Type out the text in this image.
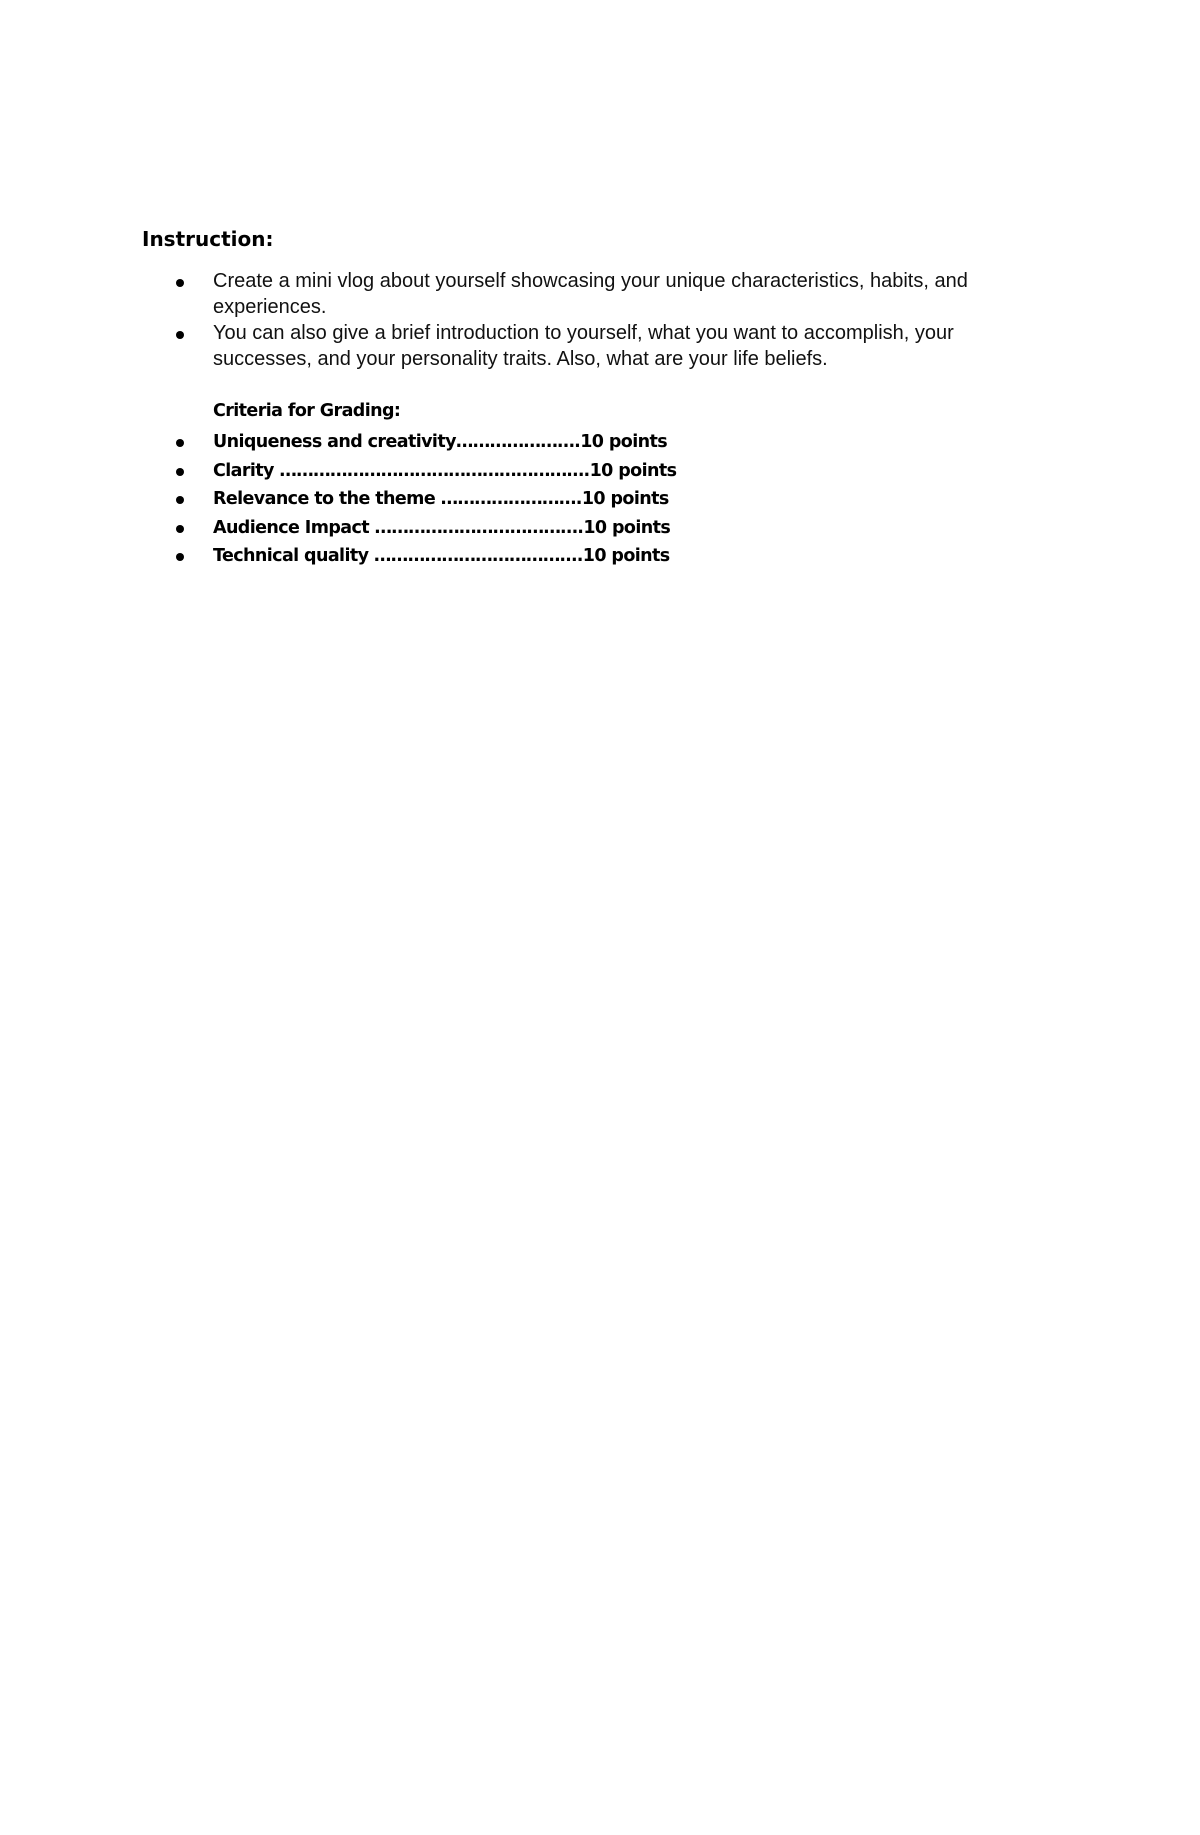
Instruction:

Create a mini vlog about yourself showcasing your unique characteristics, habits, and experiences.
You can also give a brief introduction to yourself, what you want to accomplish, your successes, and your personality traits. Also, what are your life beliefs.

Criteria for Grading:

Uniqueness and creativity………………….10 points
Clarity ……………………………………………….10 points
Relevance to the theme …………………….10 points
Audience Impact ……………………………….10 points
Technical quality ……………………………….10 points
